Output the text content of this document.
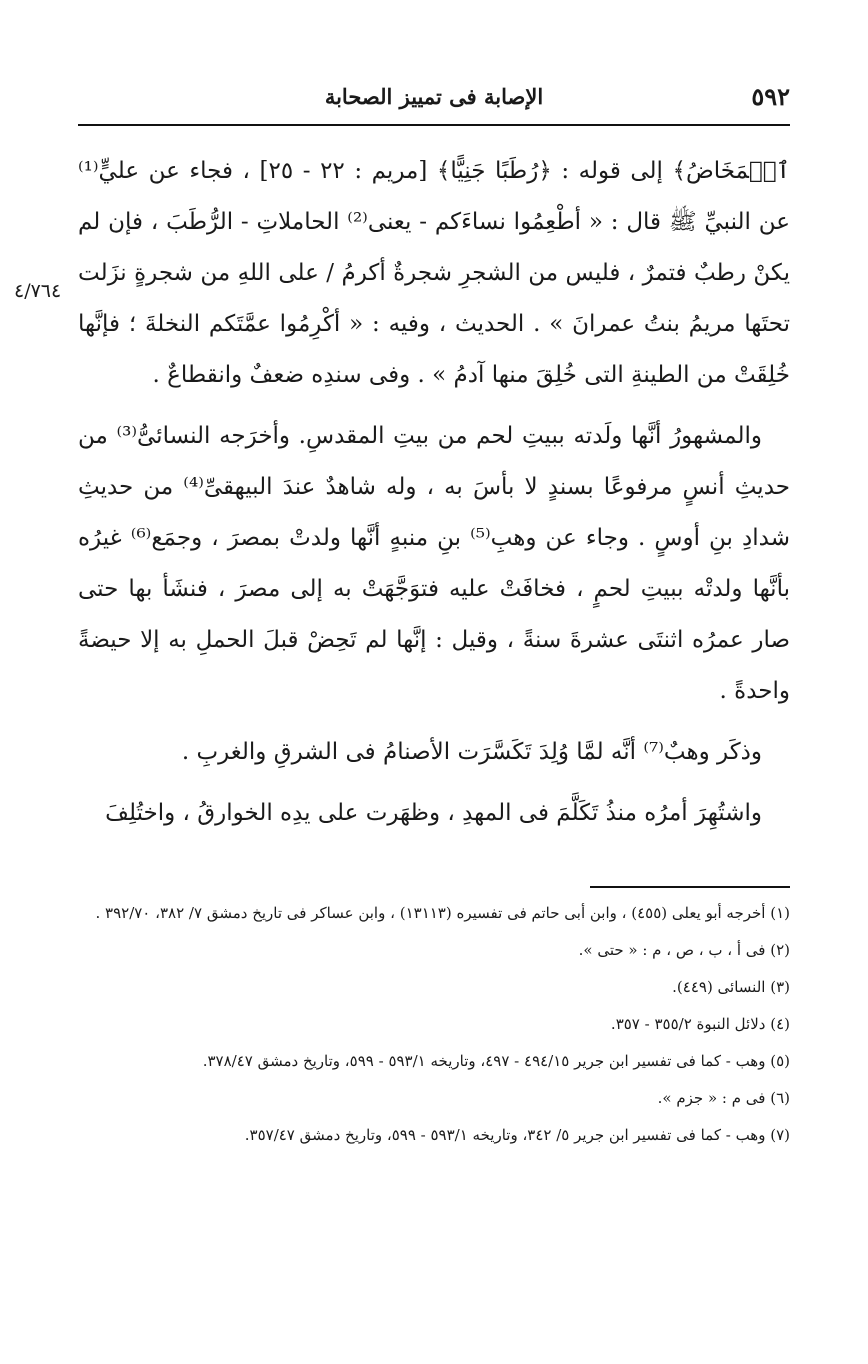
٥٩٢
الإصابة فى تمييز الصحابة
٤/٧٦٤

ٱلۡمَخَاضُ﴾ إلى قوله : ﴿رُطَبًا جَنِيًّا﴾ [مريم : ٢٢ - ٢٥] ، فجاء عن عليٍّ⁽¹⁾ عن النبيِّ ﷺ قال : « أطْعِمُوا نساءَكم - يعنى⁽²⁾ الحاملاتِ - الرُّطَبَ ، فإن لم يكنْ رطبٌ فتمرٌ ، فليس من الشجرِ شجرةٌ أكرمُ / على اللهِ من شجرةٍ نزَلت تحتَها مريمُ بنتُ عمرانَ » . الحديث ، وفيه : « أكْرِمُوا عمَّتَكم النخلةَ ؛ فإنَّها خُلِقَتْ من الطينةِ التى خُلِقَ منها آدمُ » . وفى سندِه ضعفٌ وانقطاعٌ .

والمشهورُ أنَّها ولَدته ببيتِ لحم من بيتِ المقدسِ. وأخرَجه النسائىُّ⁽³⁾ من حديثِ أنسٍ مرفوعًا بسندٍ لا بأسَ به ، وله شاهدٌ عندَ البيهقىِّ⁽⁴⁾ من حديثِ شدادِ بنِ أوسٍ . وجاء عن وهبِ⁽⁵⁾ بنِ منبهٍ أنَّها ولدتْ بمصرَ ، وجمَع⁽⁶⁾ غيرُه بأنَّها ولدتْه ببيتِ لحمٍ ، فخافَتْ عليه فتوَجَّهَتْ به إلى مصرَ ، فنشَأ بها حتى صار عمرُه اثنتَى عشرةَ سنةً ، وقيل : إنَّها لم تَحِضْ قبلَ الحملِ به إلا حيضةً واحدةً .

وذكَر وهبٌ⁽⁷⁾ أنَّه لمَّا وُلِدَ تَكَسَّرَت الأصنامُ فى الشرقِ والغربِ .

واشتُهِرَ أمرُه منذُ تَكَلَّمَ فى المهدِ ، وظهَرت على يدِه الخوارقُ ، واختُلِفَ

(١) أخرجه أبو يعلى (٤٥٥) ، وابن أبى حاتم فى تفسيره (١٣١١٣) ، وابن عساكر فى تاريخ دمشق ٧/ ٣٨٢، ٣٩٢/٧٠ .

(٢) فى أ ، ب ، ص ، م : « حتى ».

(٣) النسائى (٤٤٩).

(٤) دلائل النبوة ٣٥٥/٢ - ٣٥٧.

(٥) وهب - كما فى تفسير ابن جرير ٤٩٤/١٥ - ٤٩٧، وتاريخه ٥٩٣/١ - ٥٩٩، وتاريخ دمشق ٣٧٨/٤٧.

(٦) فى م : « جزم ».

(٧) وهب - كما فى تفسير ابن جرير ٥/ ٣٤٢، وتاريخه ٥٩٣/١ - ٥٩٩، وتاريخ دمشق ٣٥٧/٤٧.
